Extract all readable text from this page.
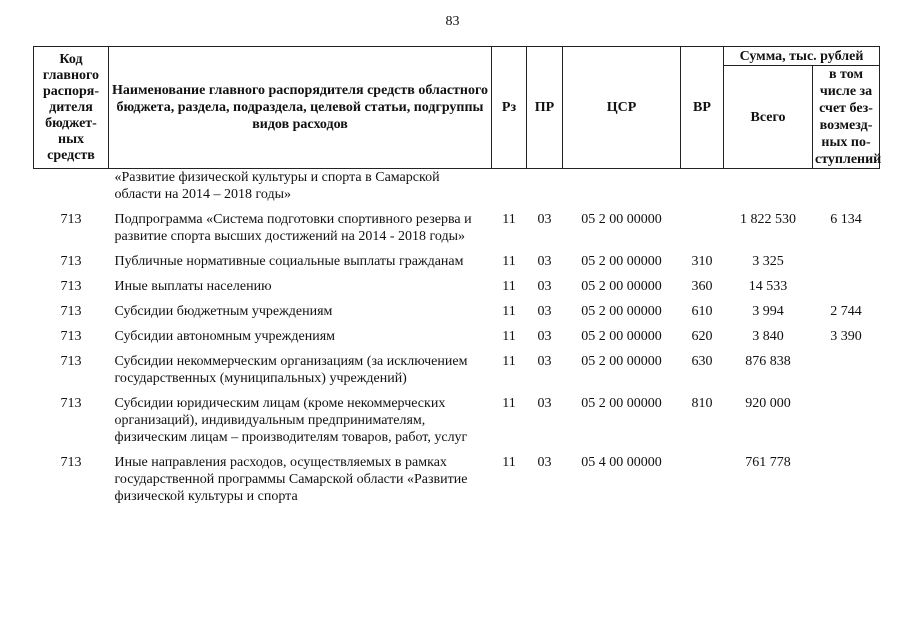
83
Код главного распоря-дителя бюджет-ных средств	Наименование главного распорядителя средств областного бюджета, раздела, подраздела, целевой статьи, подгруппы видов расходов	Рз	ПР	ЦСР	ВР	Сумма, тыс. рублей	
						Всего	в том числе за счет без-возмезд-ных по-ступлений
	«Развитие физической культуры и спорта в Самарской области на 2014 – 2018 годы»						
713	Подпрограмма «Система подготовки спортивного резерва и развитие спорта высших достижений на 2014 - 2018 годы»	11	03	05 2 00 00000		1 822 530	6 134
713	Публичные нормативные социальные выплаты гражданам	11	03	05 2 00 00000	310	3 325	
713	Иные выплаты населению	11	03	05 2 00 00000	360	14 533	
713	Субсидии бюджетным учреждениям	11	03	05 2 00 00000	610	3 994	2 744
713	Субсидии автономным учреждениям	11	03	05 2 00 00000	620	3 840	3 390
713	Субсидии некоммерческим организациям (за исключением государственных (муниципальных) учреждений)	11	03	05 2 00 00000	630	876 838	
713	Субсидии юридическим лицам (кроме некоммерческих организаций), индивидуальным предпринимателям, физическим лицам – производителям товаров, работ, услуг	11	03	05 2 00 00000	810	920 000	
713	Иные направления расходов, осуществляемых в рамках государственной программы Самарской области «Развитие физической культуры и спорта	11	03	05 4 00 00000		761 778	
